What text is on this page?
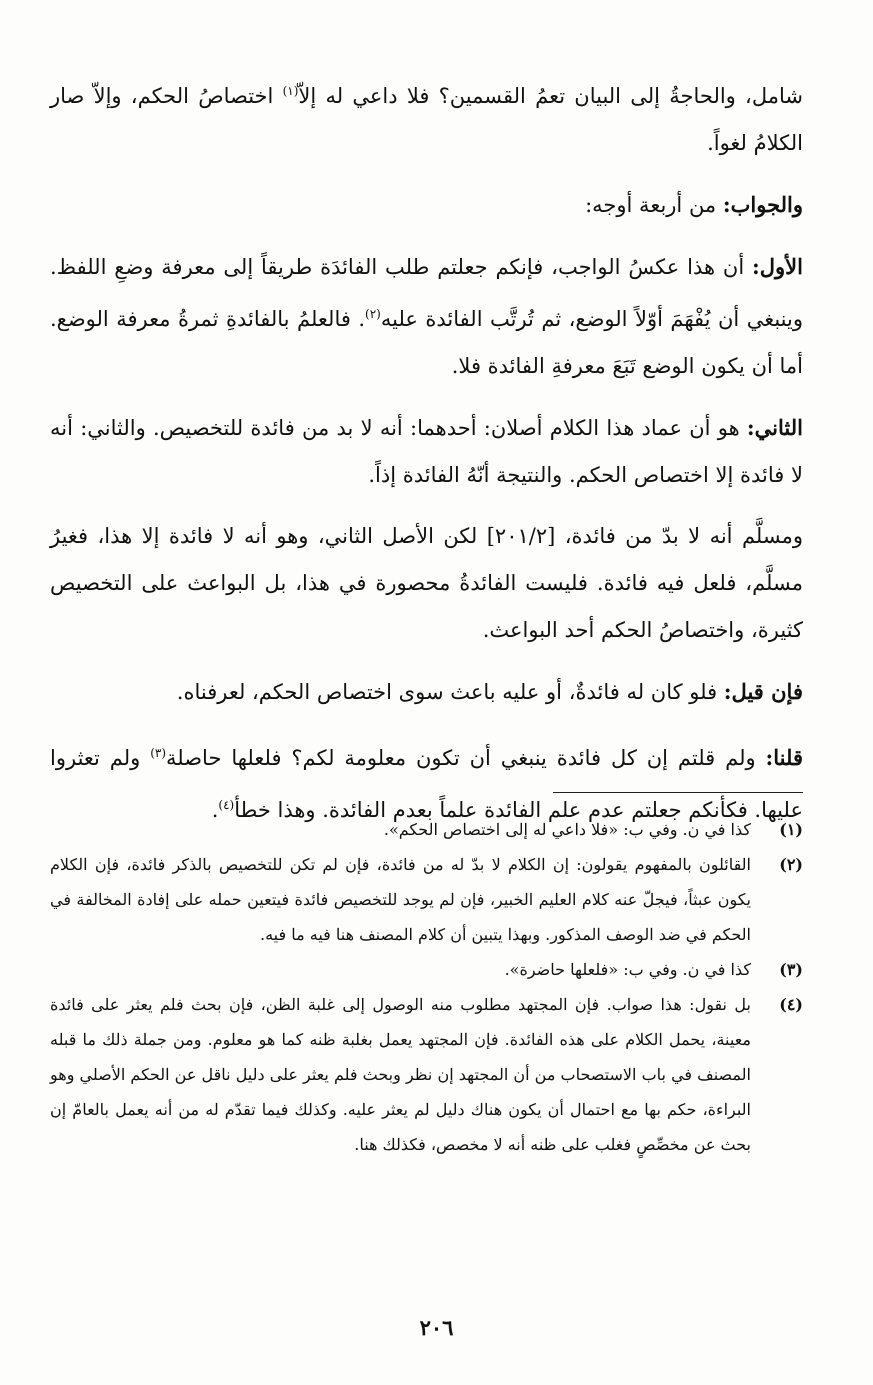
شامل، والحاجةُ إلى البيان تعمُ القسمين؟ فلا داعي له إلاّ$^{(١)}$ اختصاصُ الحكم، وإلاّ صار الكلامُ لغواً.

والجواب: من أربعة أوجه:

الأول: أن هذا عكسُ الواجب، فإنكم جعلتم طلب الفائدَة طريقاً إلى معرفة وضعِ اللفظ. وينبغي أن يُفْهَمَ أوّلاً الوضع، ثم تُرتَّب الفائدة عليه$^{(٢)}$. فالعلمُ بالفائدةِ ثمرةُ معرفة الوضع. أما أن يكون الوضع تَبَعَ معرفةِ الفائدة فلا.

الثاني: هو أن عماد هذا الكلام أصلان: أحدهما: أنه لا بد من فائدة للتخصيص. والثاني: أنه لا فائدة إلا اختصاص الحكم. والنتيجة أنّهُ الفائدة إذاً.

ومسلَّم أنه لا بدّ من فائدة، [٢٠١/٢] لكن الأصل الثاني، وهو أنه لا فائدة إلا هذا، فغيرُ مسلَّم، فلعل فيه فائدة. فليست الفائدةُ محصورة في هذا، بل البواعث على التخصيص كثيرة، واختصاصُ الحكم أحد البواعث.

فإن قيل: فلو كان له فائدةٌ، أو عليه باعث سوى اختصاص الحكم، لعرفناه.

قلنا: ولم قلتم إن كل فائدة ينبغي أن تكون معلومة لكم؟ فلعلها حاصلة$^{(٣)}$ ولم تعثروا عليها. فكأنكم جعلتم عدم علم الفائدة علماً بعدم الفائدة. وهذا خطأ$^{(٤)}$.

(١)
كذا في ن. وفي ب: «فلا داعي له إلى اختصاص الحكم».
(٢)
القائلون بالمفهوم يقولون: إن الكلام لا بدّ له من فائدة، فإن لم تكن للتخصيص بالذكر فائدة، فإن الكلام يكون عبثاً، فيجلّ عنه كلام العليم الخبير، فإن لم يوجد للتخصيص فائدة فيتعين حمله على إفادة المخالفة في الحكم في ضد الوصف المذكور. وبهذا يتبين أن كلام المصنف هنا فيه ما فيه.
(٣)
كذا في ن. وفي ب: «فلعلها حاضرة».
(٤)
بل نقول: هذا صواب. فإن المجتهد مطلوب منه الوصول إلى غلبة الظن، فإن بحث فلم يعثر على فائدة معينة، يحمل الكلام على هذه الفائدة. فإن المجتهد يعمل بغلبة ظنه كما هو معلوم. ومن جملة ذلك ما قبله المصنف في باب الاستصحاب من أن المجتهد إن نظر وبحث فلم يعثر على دليل ناقل عن الحكم الأصلي وهو البراءة، حكم بها مع احتمال أن يكون هناك دليل لم يعثر عليه. وكذلك فيما تقدّم له من أنه يعمل بالعامّ إن بحث عن مخصِّصٍ فغلب على ظنه أنه لا مخصص، فكذلك هنا.
٢٠٦
